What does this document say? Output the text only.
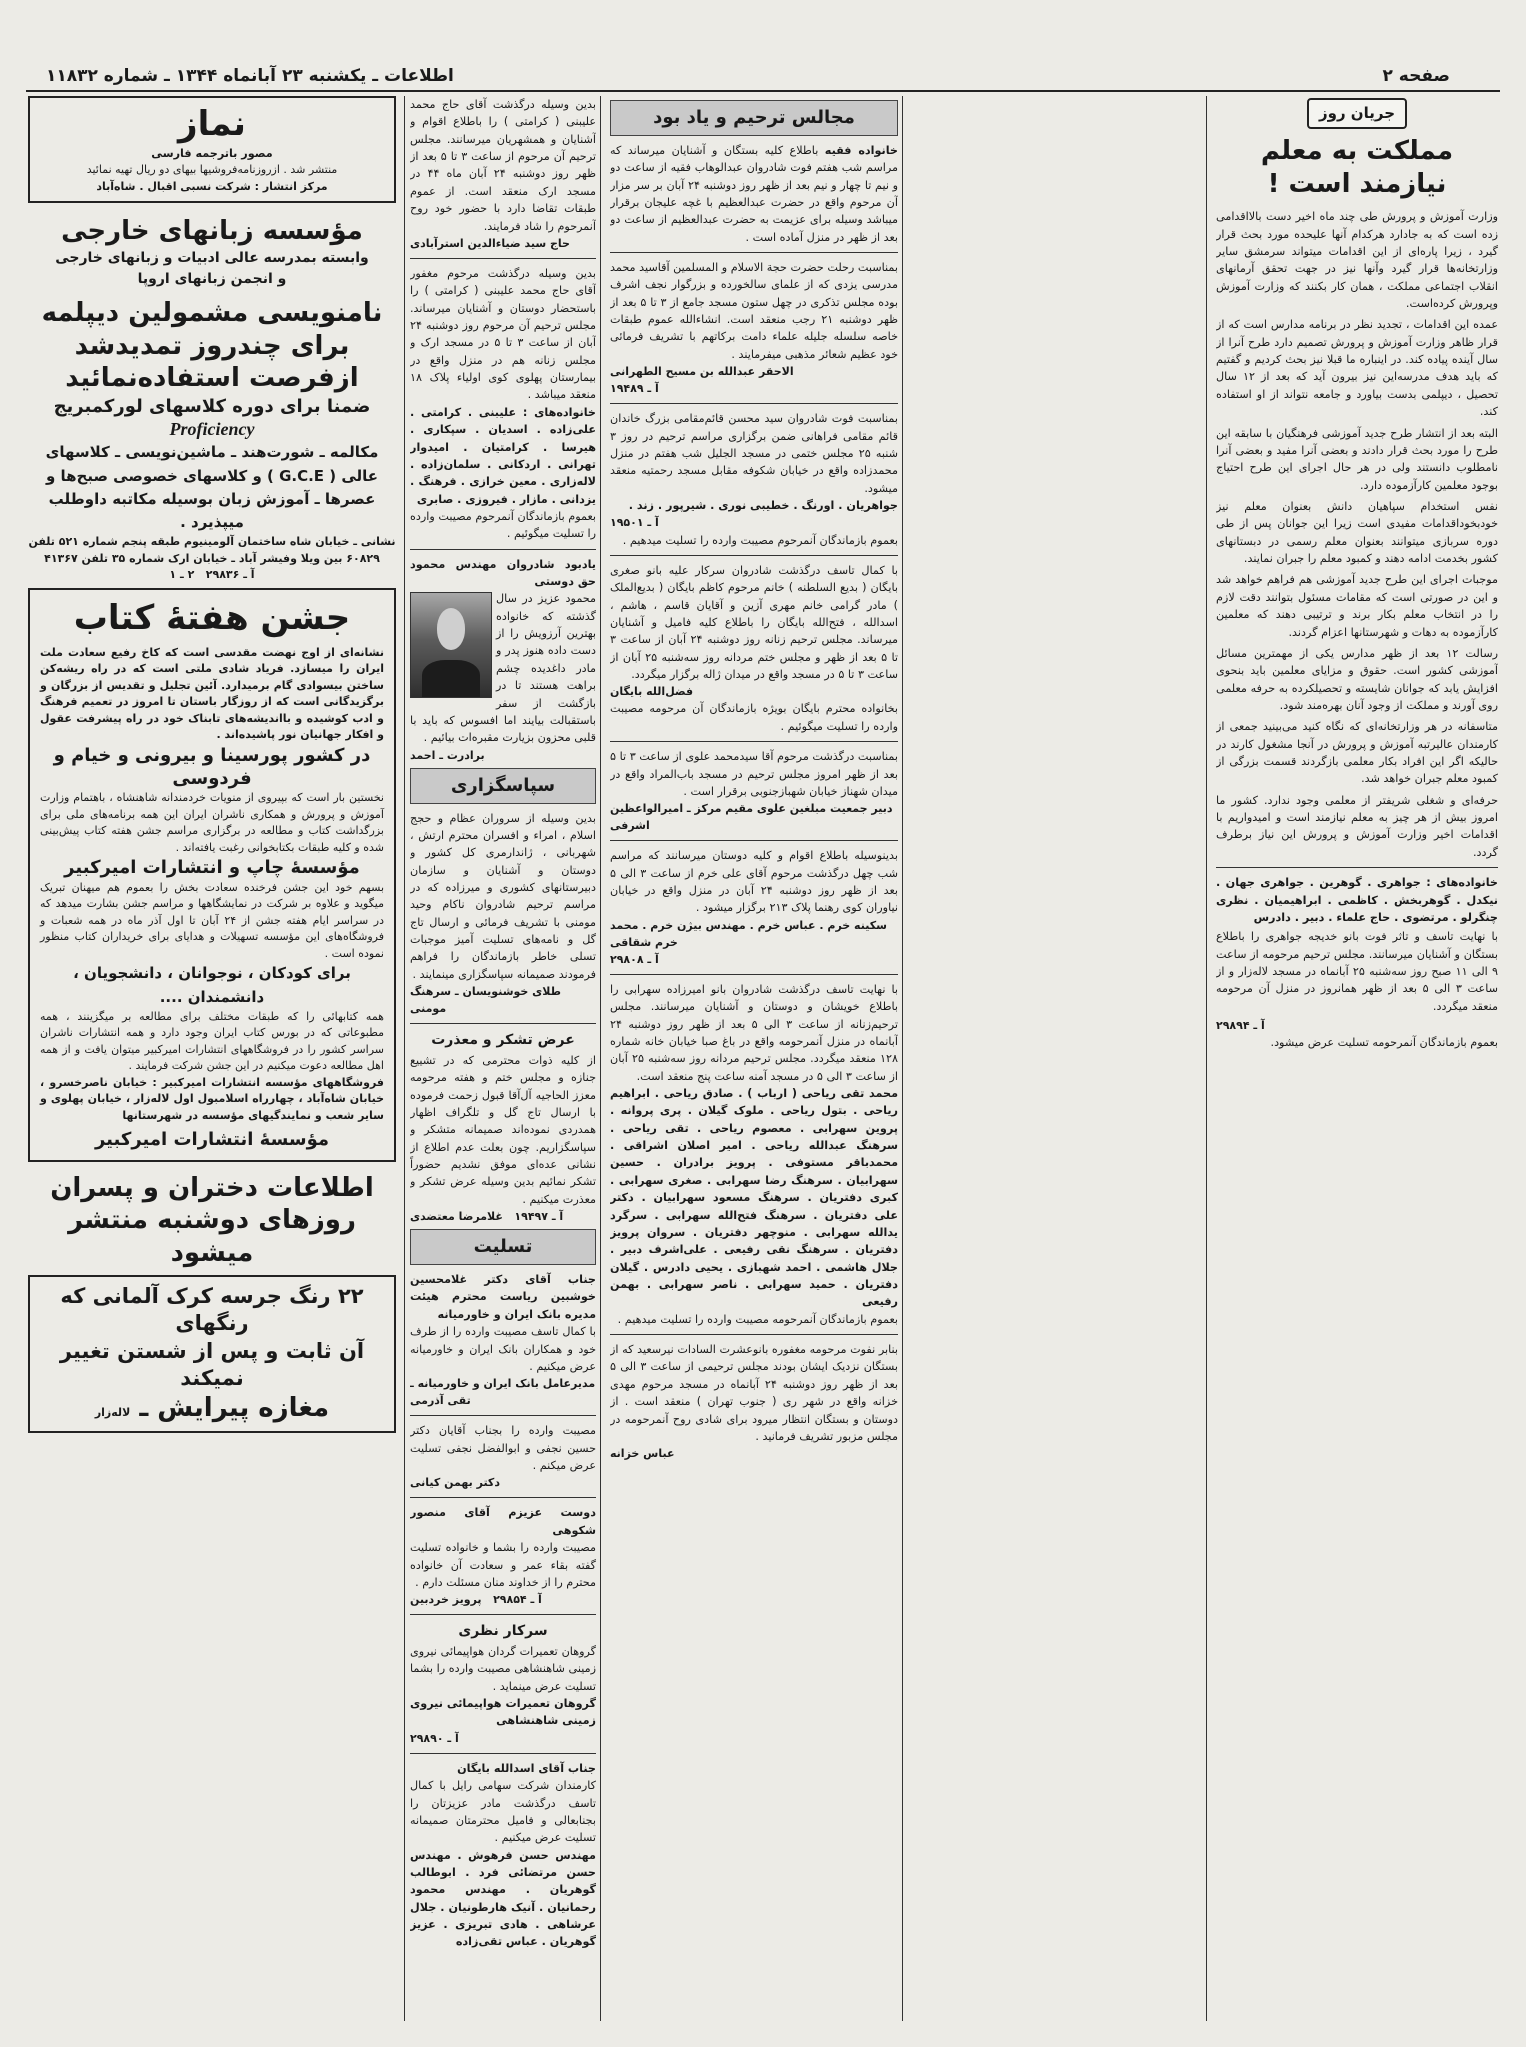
صفحه ۲
اطلاعات ـ یکشنبه ۲۳ آبانماه ۱۳۴۴ ـ شماره ۱۱۸۳۲
جریان روز
مملکت به معلم نیازمند است !

وزارت آموزش و پرورش طی چند ماه اخیر دست بالااقدامی زده است که به جادارد هرکدام آنها علیحده مورد بحث قرار گیرد ، زیرا پاره‌ای از این اقدامات میتواند سرمشق سایر وزارتخانه‌ها قرار گیرد وآنها نیز در جهت تحقق آرمانهای انقلاب اجتماعی مملکت ، همان کار بکنند که وزارت آموزش وپرورش کرده‌است.

عمده این اقدامات ، تجدید نظر در برنامه مدارس است که از قرار ظاهر وزارت آموزش و پرورش تصمیم دارد طرح آنرا از سال آینده پیاده کند. در اینباره ما قبلا نیز بحث کردیم و گفتیم که باید هدف مدرسه‌این نیز بیرون آید که بعد از ۱۲ سال تحصیل ، دیپلمی بدست بیاورد و جامعه نتواند از او استفاده کند.

البته بعد از انتشار طرح جدید آموزشی فرهنگیان با سابقه این طرح را مورد بحث قرار دادند و بعضی آنرا مفید و بعضی آنرا نامطلوب دانستند ولی در هر حال اجرای این طرح احتیاج بوجود معلمین کارآزموده دارد.

نفس استخدام سپاهیان دانش بعنوان معلم نیز خودبخوداقدامات مفیدی است زیرا این جوانان پس از طی دوره سربازی میتوانند بعنوان معلم رسمی در دبستانهای کشور بخدمت ادامه دهند و کمبود معلم را جبران نمایند.

موجبات اجرای این طرح جدید آموزشی هم فراهم خواهد شد و این در صورتی است که مقامات مسئول بتوانند دقت لازم را در انتخاب معلم بکار برند و ترتیبی دهند که معلمین کارآزموده به دهات و شهرستانها اعزام گردند.

رسالت ۱۲ بعد از ظهر مدارس یکی از مهمترین مسائل آموزشی کشور است. حقوق و مزایای معلمین باید بنحوی افزایش یابد که جوانان شایسته و تحصیلکرده به حرفه معلمی روی آورند و مملکت از وجود آنان بهره‌مند شود.

متاسفانه در هر وزارتخانه‌ای که نگاه کنید می‌بینید جمعی از کارمندان عالیرتبه آموزش و پرورش در آنجا مشغول کارند در حالیکه اگر این افراد بکار معلمی بازگردند قسمت بزرگی از کمبود معلم جبران خواهد شد.

حرفه‌ای و شغلی شریفتر از معلمی وجود ندارد. کشور ما امروز بیش از هر چیز به معلم نیازمند است و امیدواریم با اقدامات اخیر وزارت آموزش و پرورش این نیاز برطرف گردد.

خانواده‌های : جواهری . گوهرین . جواهری جهان . نیکدل . گوهربخش . کاظمی . ابراهیمیان . نظری چنگرلو . مرتضوی . حاج علماء . دبیر . دادرس

با نهایت تاسف و تاثر فوت بانو خدیجه جواهری را باطلاع بستگان و آشنایان میرسانند. مجلس ترحیم مرحومه از ساعت ۹ الی ۱۱ صبح روز سه‌شنبه ۲۵ آبانماه در مسجد لاله‌زار و از ساعت ۳ الی ۵ بعد از ظهر همانروز در منزل آن مرحومه منعقد میگردد.

آ ـ ۲۹۸۹۴
بعموم بازماندگان آنمرحومه تسلیت عرض میشود.
مجالس ترحیم و یاد بود
خانواده فقیه باطلاع کلیه بستگان و آشنایان میرساند که مراسم شب هفتم فوت شادروان عبدالوهاب فقیه از ساعت دو و نیم تا چهار و نیم بعد از ظهر روز دوشنبه ۲۴ آبان بر سر مزار آن مرحوم واقع در حضرت عبدالعظیم با غچه علیجان برقرار میباشد وسیله برای عزیمت به حضرت عبدالعظیم از ساعت دو بعد از ظهر در منزل آماده است .
بمناسبت رحلت حضرت حجة الاسلام و المسلمین آقاسید محمد مدرسی یزدی که از علمای سالخورده و بزرگوار نجف اشرف بوده مجلس تذکری در چهل ستون مسجد جامع از ۳ تا ۵ بعد از ظهر دوشنبه ۲۱ رجب منعقد است. انشاءالله عموم طبقات خاصه سلسله جلیله علماء دامت برکاتهم با تشریف فرمائی خود عظیم شعائر مذهبی میفرمایند .
الاحقر عبدالله بن مسیح الطهرانی
آ ـ ۱۹۴۸۹
بمناسبت فوت شادروان سید محسن قائم‌مقامی بزرگ خاندان قائم مقامی فراهانی ضمن برگزاری مراسم ترحیم در روز ۳ شنبه ۲۵ مجلس ختمی در مسجد الجلیل شب هفتم در منزل محمدزاده واقع در خیابان شکوفه مقابل مسجد رحمتیه منعقد میشود.
جواهریان . اورنگ . خطیبی نوری . شیرپور . زند .
آ ـ ۱۹۵۰۱
بعموم بازماندگان آنمرحوم مصیبت وارده را تسلیت میدهیم .
با کمال تاسف درگذشت شادروان سرکار علیه بانو صغری بایگان ( بدیع السلطنه ) خانم مرحوم کاظم بایگان ( بدیع‌الملک ) مادر گرامی خانم مهری آزین و آقایان قاسم ، هاشم ، اسدالله ، فتح‌الله بایگان را باطلاع کلیه فامیل و آشنایان میرساند. مجلس ترحیم زنانه روز دوشنبه ۲۴ آبان از ساعت ۳ تا ۵ بعد از ظهر و مجلس ختم مردانه روز سه‌شنبه ۲۵ آبان از ساعت ۳ تا ۵ در مسجد واقع در میدان ژاله برگزار میگردد.
فضل‌الله بایگان
بخانواده محترم بایگان بویژه بازماندگان آن مرحومه مصیبت وارده را تسلیت میگوئیم .
بمناسبت درگذشت مرحوم آقا سیدمحمد علوی از ساعت ۳ تا ۵ بعد از ظهر امروز مجلس ترحیم در مسجد باب‌المراد واقع در میدان شهناز خیابان شهبازجنوبی برقرار است .
دبیر جمعیت مبلغین علوی مقیم مرکز ـ امیرالواعظین اشرفی
بدینوسیله باطلاع اقوام و کلیه دوستان میرسانند که مراسم شب چهل درگذشت مرحوم آقای علی خرم از ساعت ۳ الی ۵ بعد از ظهر روز دوشنبه ۲۴ آبان در منزل واقع در خیابان نیاوران کوی رهنما پلاک ۲۱۳ برگزار میشود .
سکینه خرم . عباس خرم . مهندس بیژن خرم . محمد خرم شقاقی
آ ـ ۲۹۸۰۸
با نهایت تاسف درگذشت شادروان بانو امیرزاده سهرابی را باطلاع خویشان و دوستان و آشنایان میرسانند. مجلس ترحیم‌زنانه از ساعت ۳ الی ۵ بعد از ظهر روز دوشنبه ۲۴ آبانماه در منزل آنمرحومه واقع در باغ صبا خیابان خانه شماره ۱۲۸ منعقد میگردد. مجلس ترحیم مردانه روز سه‌شنبه ۲۵ آبان از ساعت ۳ الی ۵ در مسجد آمنه ساعت پنج منعقد است.
محمد تقی ریاحی ( ارباب ) . صادق ریاحی . ابراهیم ریاحی . بتول ریاحی . ملوک گیلان . پری پروانه . پروین سهرابی . معصوم ریاحی . تقی ریاحی . سرهنگ عبدالله ریاحی . امیر اصلان اشراقی . محمدباقر مستوفی . پرویز برادران . حسین سهرابیان . سرهنگ رضا سهرابی . صغری سهرابی . کبری دفتریان . سرهنگ مسعود سهرابیان . دکتر علی دفتریان . سرهنگ فتح‌الله سهرابی . سرگرد یدالله سهرابی . منوچهر دفتریان . سروان پرویز دفتریان . سرهنگ نقی رفیعی . علی‌اشرف دبیر . جلال هاشمی . احمد شهبازی . یحیی دادرس . گیلان دفتریان . حمید سهرابی . ناصر سهرابی . بهمن رفیعی
بعموم بازماندگان آنمرحومه مصیبت وارده را تسلیت میدهیم .
بنابر نفوت مرحومه مغفوره بانوعشرت السادات نیرسعید که از بستگان نزدیک ایشان بودند مجلس ترحیمی از ساعت ۳ الی ۵ بعد از ظهر روز دوشنبه ۲۴ آبانماه در مسجد مرحوم مهدی خزانه واقع در شهر ری ( جنوب تهران ) منعقد است . از دوستان و بستگان انتظار میرود برای شادی روح آنمرحومه در مجلس مزبور تشریف فرمانید .
عباس خزانه
بدین وسیله درگذشت آقای حاج محمد علیبنی ( کرامتی ) را باطلاع اقوام و آشنایان و همشهریان میرسانند. مجلس ترحیم آن مرحوم از ساعت ۳ تا ۵ بعد از ظهر روز دوشنبه ۲۴ آبان ماه ۴۴ در مسجد ارک منعقد است. از عموم طبقات تقاضا دارد با حضور خود روح آنمرحوم را شاد فرمایند.
حاج سید ضیاءالدین استرآبادی
بدین وسیله درگذشت مرحوم مغفور آقای حاج محمد علیبنی ( کرامتی ) را باستحضار دوستان و آشنایان میرساند. مجلس ترحیم آن مرحوم روز دوشنبه ۲۴ آبان از ساعت ۳ تا ۵ در مسجد ارک و مجلس زنانه هم در منزل واقع در بیمارستان پهلوی کوی اولیاء پلاک ۱۸ منعقد میباشد .
خانواده‌های : علیبنی . کرامتی . علی‌زاده . اسدیان . سپکاری . هیرسا . کرامتیان . امیدوار تهرانی . اردکانی . سلمان‌زاده . لاله‌زاری . معین خرازی . فرهنگ . یزدانی . مازار . فیروزی . صابری
بعموم بازماندگان آنمرحوم مصیبت وارده را تسلیت میگوئیم .
یادبود شادروان مهندس محمود حق دوستی
محمود عزیز در سال گذشته که خانواده بهترین آرزویش را از دست داده هنوز پدر و مادر داغدیده چشم براهت هستند تا در بازگشت از سفر باستقبالت بیایند اما افسوس که باید با قلبی محزون بزیارت مقبره‌ات بیائیم .
برادرت ـ احمد
سپاسگزاری
بدین وسیله از سروران عظام و حجج اسلام ، امراء و افسران محترم ارتش ، شهربانی ، ژاندارمری کل کشور و دوستان و آشنایان و سازمان دبیرستانهای کشوری و میرزاده که در مراسم ترحیم شادروان ناکام وحید مومنی با تشریف فرمائی و ارسال تاج گل و نامه‌های تسلیت آمیز موجبات تسلی خاطر بازماندگان را فراهم فرمودند صمیمانه سپاسگزاری مینمایند .
طلای خوشنویسان ـ سرهنگ مومنی
عرض تشکر و معذرت
از کلیه ذوات محترمی که در تشییع جنازه و مجلس ختم و هفته مرحومه معزز الحاجیه آل‌آقا قبول زحمت فرموده با ارسال تاج گل و تلگراف اظهار همدردی نموده‌اند صمیمانه متشکر و سپاسگزاریم. چون بعلت عدم اطلاع از نشانی عده‌ای موفق نشدیم حضوراً تشکر نمائیم بدین وسیله عرض تشکر و معذرت میکنیم .
آ ـ ۱۹۴۹۷   غلامرضا معتضدی
تسلیت
جناب آقای دکتر غلامحسین خوشبین ریاست محترم هیئت مدیره بانک ایران و خاورمیانه
با کمال تاسف مصیبت وارده را از طرف خود و همکاران بانک ایران و خاورمیانه عرض میکنیم .
مدیرعامل بانک ایران و خاورمیانه ـ تقی آذرمی
مصیبت وارده را بجناب آقایان دکتر حسین نجفی و ابوالفضل نجفی تسلیت عرض میکنم .
دکتر بهمن کیانی
دوست عزیزم آقای منصور شکوهی
مصیبت وارده را بشما و خانواده تسلیت گفته بقاء عمر و سعادت آن خانواده محترم را از خداوند منان مسئلت دارم .
آ ـ ۲۹۸۵۴   پرویز خردبین
سرکار نظری
گروهان تعمیرات گردان هواپیمائی نیروی زمینی شاهنشاهی مصیبت وارده را بشما تسلیت عرض مینماید .
گروهان تعمیرات هواپیمائی نیروی زمینی شاهنشاهی
آ ـ ۲۹۸۹۰
جناب آقای اسدالله بایگان
کارمندان شرکت سهامی رایل با کمال تاسف درگذشت مادر عزیزتان را بجنابعالی و فامیل محترمتان صمیمانه تسلیت عرض میکنیم .
مهندس حسن فرهوش . مهندس حسن مرتضائی فرد . ابوطالب گوهریان . مهندس محمود رحمانیان . آنیک هارطونیان . جلال عرشاهی . هادی تبریزی . عزیز گوهریان . عباس تقی‌زاده
نماز
مصور باترجمه فارسی
منتشر شد . ازروزنامه‌فروشیها بیهای دو ریال تهیه نمائید
مرکز انتشار : شرکت نسبی اقبال . شاه‌آباد
مؤسسه زبانهای خارجی
وابسته بمدرسه عالی ادبیات و زبانهای خارجی
و انجمن زبانهای اروپا
نامنویسی مشمولین دیپلمه
برای چندروز تمدیدشد
ازفرصت استفاده‌نمائید
ضمنا برای دوره کلاسهای لورکمبریج
Proficiency
مکالمه ـ شورت‌هند ـ ماشین‌نویسی ـ کلاسهای عالی ( G.C.E ) و کلاسهای خصوصی صبح‌ها و عصرها ـ آموزش زبان بوسیله مکاتبه داوطلب میپذیرد .
نشانی ـ خیابان شاه ساختمان آلومینیوم طبقه پنجم شماره ۵۲۱ تلفن ۶۰۸۲۹ بین ویلا وفیشر آباد ـ خیابان ارک شماره ۳۵ تلفن ۴۱۳۶۷
آ ـ ۲۹۸۳۶   ۲ ـ ۱
جشن هفتهٔ کتاب
نشانه‌ای از اوج نهضت مقدسی است که کاخ رفیع سعادت ملت ایران را میسازد. فریاد شادی ملتی است که در راه ریشه‌کن ساختن بیسوادی گام برمیدارد. آئین تجلیل و تقدیس از بزرگان و برگزیدگانی است که از روزگار باستان تا امروز در تعمیم فرهنگ و ادب کوشیده و بااندیشه‌های تابناک خود در راه پیشرفت عقول و افکار جهانیان نور پاشیده‌اند .
در کشور پورسینا و بیرونی و خیام و فردوسی
نخستین بار است که بپیروی از منویات خردمندانه شاهنشاه ، باهتمام وزارت آموزش و پرورش و همکاری ناشران ایران این همه برنامه‌های ملی برای بزرگداشت کتاب و مطالعه در برگزاری مراسم جشن هفته کتاب پیش‌بینی شده و کلیه طبقات بکتابخوانی رغبت یافته‌اند .
مؤسسهٔ چاپ و انتشارات امیرکبیر
بسهم خود این جشن فرخنده سعادت بخش را بعموم هم میهنان تبریک میگوید و علاوه بر شرکت در نمایشگاهها و مراسم جشن بشارت میدهد که در سراسر ایام هفته جشن از ۲۴ آبان تا اول آذر ماه در همه شعبات و فروشگاه‌های این مؤسسه تسهیلات و هدایای برای خریداران کتاب منظور نموده است .
برای کودکان ، نوجوانان ، دانشجویان ، دانشمندان ....
همه کتابهائی را که طبقات مختلف برای مطالعه بر میگزینند ، همه مطبوعاتی که در بورس کتاب ایران وجود دارد و همه انتشارات ناشران سراسر کشور را در فروشگاههای انتشارات امیرکبیر میتوان یافت و از همه اهل مطالعه دعوت میکنیم در این جشن شرکت فرمایند .
فروشگاههای مؤسسه انتشارات امیرکبیر : خیابان ناصرخسرو ، خیابان شاه‌آباد ، چهارراه اسلامبول اول لاله‌زار ، خیابان پهلوی و سایر شعب و نمایندگیهای مؤسسه در شهرستانها
مؤسسهٔ انتشارات امیرکبیر
اطلاعات دختران و پسران
روزهای دوشنبه منتشر میشود
۲۲ رنگ جرسه کرک آلمانی که رنگهای
آن ثابت و پس از شستن تغییر نمیکند
مغازه پیرایش ـ لاله‌زار
